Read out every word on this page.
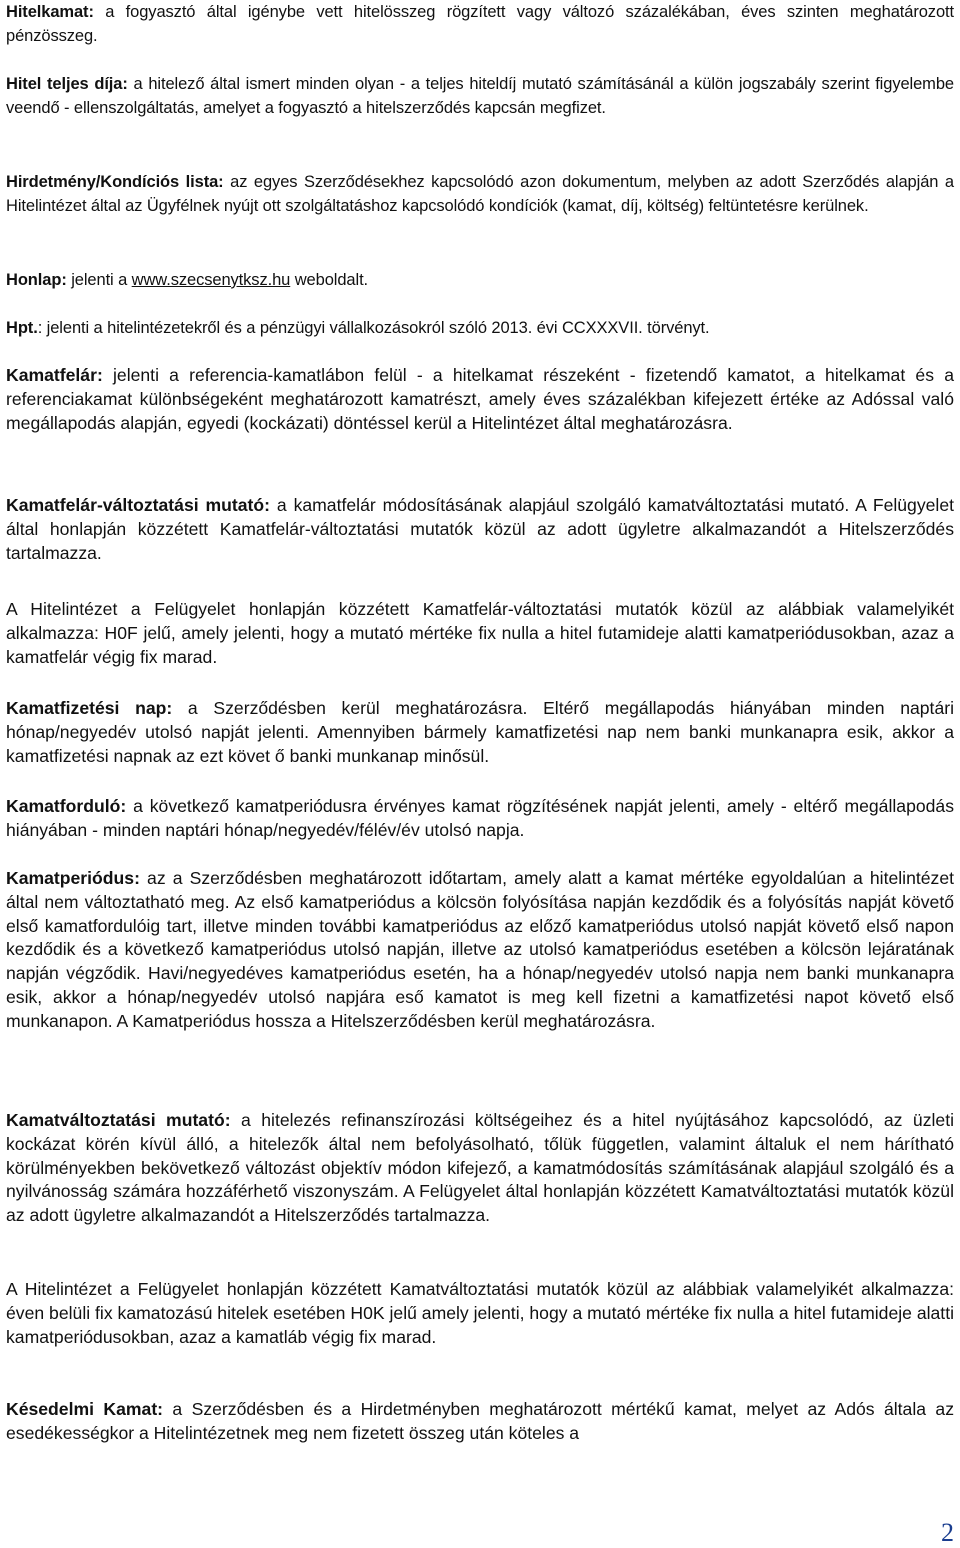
Hitelkamat: a fogyasztó által igénybe vett hitelösszeg rögzített vagy változó százalékában, éves szinten meghatározott pénzösszeg.

Hitel teljes díja: a hitelező által ismert minden olyan - a teljes hiteldíj mutató számításánál a külön jogszabály szerint figyelembe veendő - ellenszolgáltatás, amelyet a fogyasztó a hitelszerződés kapcsán megfizet.

Hirdetmény/Kondíciós lista: az egyes Szerződésekhez kapcsolódó azon dokumentum, melyben az adott Szerződés alapján a Hitelintézet által az Ügyfélnek nyújt ott szolgáltatáshoz kapcsolódó kondíciók (kamat, díj, költség) feltüntetésre kerülnek.

Honlap: jelenti a www.szecsenytksz.hu weboldalt.

Hpt.: jelenti a hitelintézetekről és a pénzügyi vállalkozásokról szóló 2013. évi CCXXXVII. törvényt.

Kamatfelár: jelenti a referencia-kamatlábon felül - a hitelkamat részeként - fizetendő kamatot, a hitelkamat és a referenciakamat különbségeként meghatározott kamatrészt, amely éves százalékban kifejezett értéke az Adóssal való megállapodás alapján, egyedi (kockázati) döntéssel kerül a Hitelintézet által meghatározásra.

Kamatfelár-változtatási mutató: a kamatfelár módosításának alapjául szolgáló kamatváltoztatási mutató. A Felügyelet által honlapján közzétett Kamatfelár-változtatási mutatók közül az adott ügyletre alkalmazandót a Hitelszerződés tartalmazza.

A Hitelintézet a Felügyelet honlapján közzétett Kamatfelár-változtatási mutatók közül az alábbiak valamelyikét alkalmazza: H0F jelű, amely jelenti, hogy a mutató mértéke fix nulla a hitel futamideje alatti kamatperiódusokban, azaz a kamatfelár végig fix marad.

Kamatfizetési nap: a Szerződésben kerül meghatározásra. Eltérő megállapodás hiányában minden naptári hónap/negyedév utolsó napját jelenti. Amennyiben bármely kamatfizetési nap nem banki munkanapra esik, akkor a kamatfizetési napnak az ezt követ ő banki munkanap minősül.

Kamatforduló: a következő kamatperiódusra érvényes kamat rögzítésének napját jelenti, amely - eltérő megállapodás hiányában - minden naptári hónap/negyedév/félév/év utolsó napja.

Kamatperiódus: az a Szerződésben meghatározott időtartam, amely alatt a kamat mértéke egyoldalúan a hitelintézet által nem változtatható meg. Az első kamatperiódus a kölcsön folyósítása napján kezdődik és a folyósítás napját követő első kamatfordulóig tart, illetve minden további kamatperiódus az előző kamatperiódus utolsó napját követő első napon kezdődik és a következő kamatperiódus utolsó napján, illetve az utolsó kamatperiódus esetében a kölcsön lejáratának napján végződik. Havi/negyedéves kamatperiódus esetén, ha a hónap/negyedév utolsó napja nem banki munkanapra esik, akkor a hónap/negyedév utolsó napjára eső kamatot is meg kell fizetni a kamatfizetési napot követő első munkanapon. A Kamatperiódus hossza a Hitelszerződésben kerül meghatározásra.

Kamatváltoztatási mutató: a hitelezés refinanszírozási költségeihez és a hitel nyújtásához kapcsolódó, az üzleti kockázat körén kívül álló, a hitelezők által nem befolyásolható, tőlük független, valamint általuk el nem hárítható körülményekben bekövetkező változást objektív módon kifejező, a kamatmódosítás számításának alapjául szolgáló és a nyilvánosság számára hozzáférhető viszonyszám. A Felügyelet által honlapján közzétett Kamatváltoztatási mutatók közül az adott ügyletre alkalmazandót a Hitelszerződés tartalmazza.

A Hitelintézet a Felügyelet honlapján közzétett Kamatváltoztatási mutatók közül az alábbiak valamelyikét alkalmazza: éven belüli fix kamatozású hitelek esetében H0K jelű amely jelenti, hogy a mutató mértéke fix nulla a hitel futamideje alatti kamatperiódusokban, azaz a kamatláb végig fix marad.

Késedelmi Kamat: a Szerződésben és a Hirdetményben meghatározott mértékű kamat, melyet az Adós általa az esedékességkor a Hitelintézetnek meg nem fizetett összeg után köteles a

2
